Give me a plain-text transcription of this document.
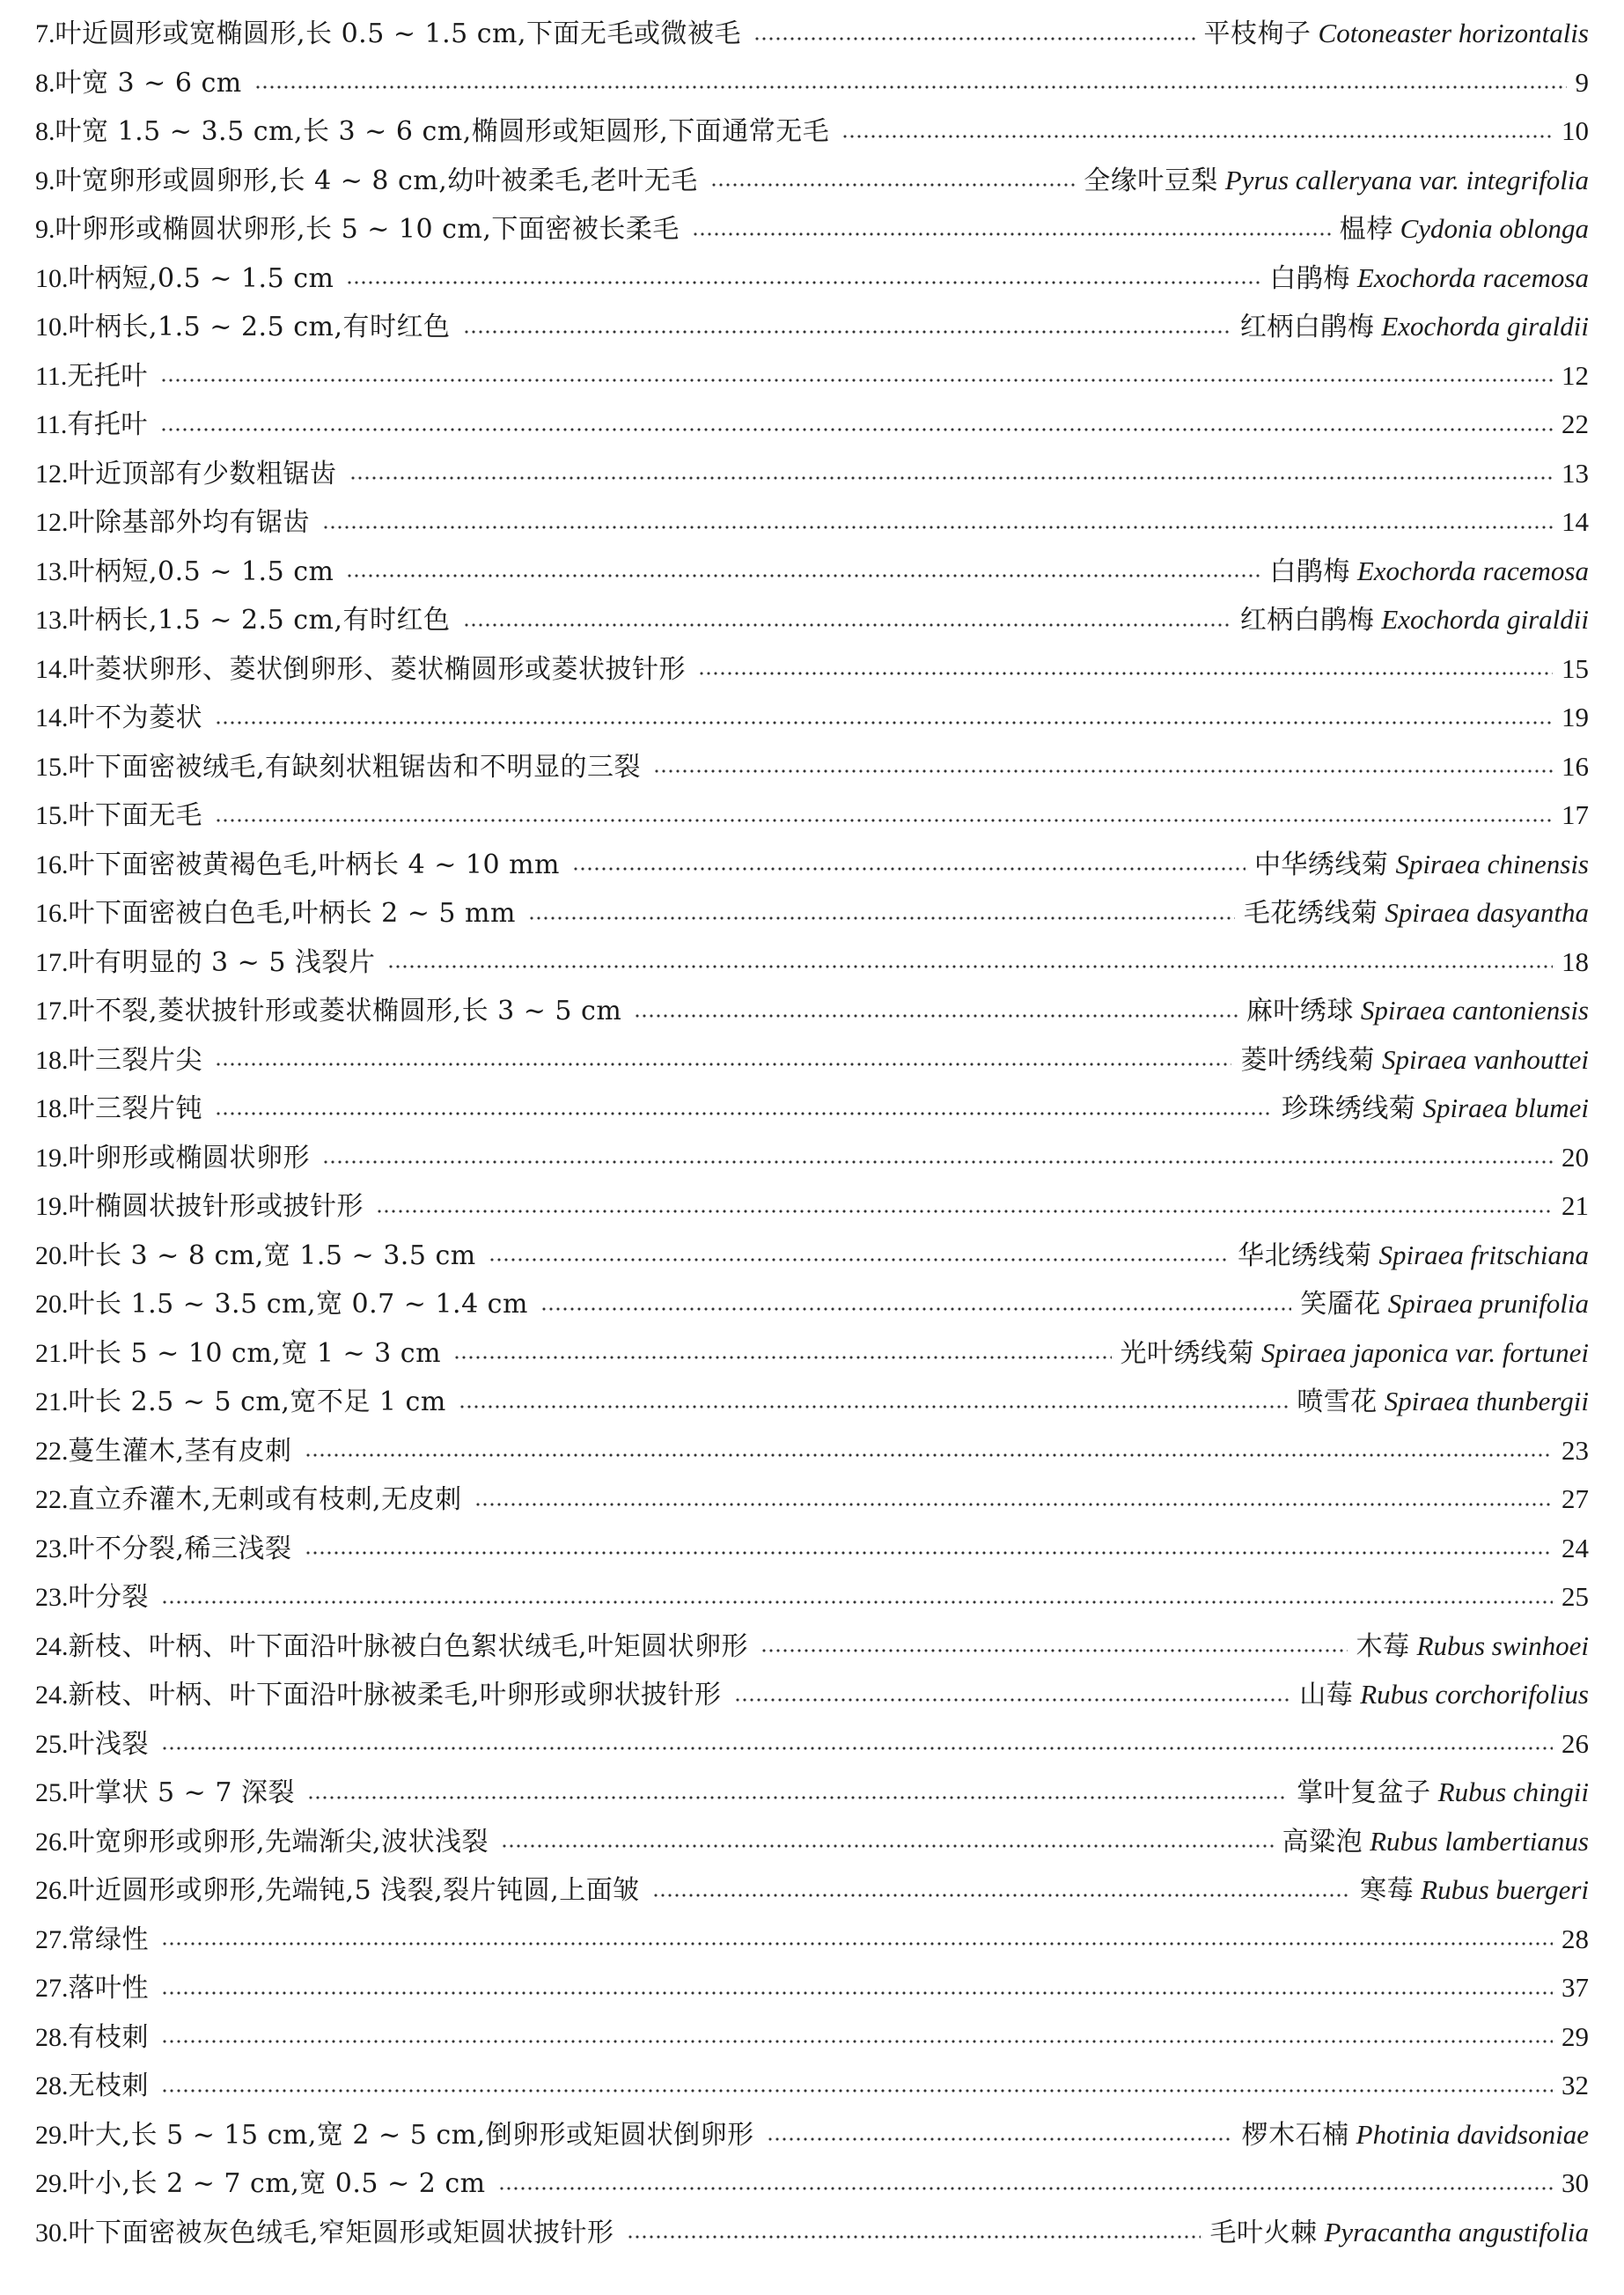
7. 叶近圆形或宽椭圆形,长 0.5 ~ 1.5 cm,下面无毛或微被毛	平枝栒子 Cotoneaster horizontalis
8. 叶宽 3 ~ 6 cm	9
8. 叶宽 1.5 ~ 3.5 cm,长 3 ~ 6 cm,椭圆形或矩圆形,下面通常无毛	10
9. 叶宽卵形或圆卵形,长 4 ~ 8 cm,幼叶被柔毛,老叶无毛	全缘叶豆梨 Pyrus calleryana var. integrifolia
9. 叶卵形或椭圆状卵形,长 5 ~ 10 cm,下面密被长柔毛	榅桲 Cydonia oblonga
10. 叶柄短,0.5 ~ 1.5 cm	白鹃梅 Exochorda racemosa
10. 叶柄长,1.5 ~ 2.5 cm,有时红色	红柄白鹃梅 Exochorda giraldii
11. 无托叶	12
11. 有托叶	22
12. 叶近顶部有少数粗锯齿	13
12. 叶除基部外均有锯齿	14
13. 叶柄短,0.5 ~ 1.5 cm	白鹃梅 Exochorda racemosa
13. 叶柄长,1.5 ~ 2.5 cm,有时红色	红柄白鹃梅 Exochorda giraldii
14. 叶菱状卵形、菱状倒卵形、菱状椭圆形或菱状披针形	15
14. 叶不为菱状	19
15. 叶下面密被绒毛,有缺刻状粗锯齿和不明显的三裂	16
15. 叶下面无毛	17
16. 叶下面密被黄褐色毛,叶柄长 4 ~ 10 mm	中华绣线菊 Spiraea chinensis
16. 叶下面密被白色毛,叶柄长 2 ~ 5 mm	毛花绣线菊 Spiraea dasyantha
17. 叶有明显的 3 ~ 5 浅裂片	18
17. 叶不裂,菱状披针形或菱状椭圆形,长 3 ~ 5 cm	麻叶绣球 Spiraea cantoniensis
18. 叶三裂片尖	菱叶绣线菊 Spiraea vanhouttei
18. 叶三裂片钝	珍珠绣线菊 Spiraea blumei
19. 叶卵形或椭圆状卵形	20
19. 叶椭圆状披针形或披针形	21
20. 叶长 3 ~ 8 cm,宽 1.5 ~ 3.5 cm	华北绣线菊 Spiraea fritschiana
20. 叶长 1.5 ~ 3.5 cm,宽 0.7 ~ 1.4 cm	笑靥花 Spiraea prunifolia
21. 叶长 5 ~ 10 cm,宽 1 ~ 3 cm	光叶绣线菊 Spiraea japonica var. fortunei
21. 叶长 2.5 ~ 5 cm,宽不足 1 cm	喷雪花 Spiraea thunbergii
22. 蔓生灌木,茎有皮刺	23
22. 直立乔灌木,无刺或有枝刺,无皮刺	27
23. 叶不分裂,稀三浅裂	24
23. 叶分裂	25
24. 新枝、叶柄、叶下面沿叶脉被白色絮状绒毛,叶矩圆状卵形	木莓 Rubus swinhoei
24. 新枝、叶柄、叶下面沿叶脉被柔毛,叶卵形或卵状披针形	山莓 Rubus corchorifolius
25. 叶浅裂	26
25. 叶掌状 5 ~ 7 深裂	掌叶复盆子 Rubus chingii
26. 叶宽卵形或卵形,先端渐尖,波状浅裂	高粱泡 Rubus lambertianus
26. 叶近圆形或卵形,先端钝,5 浅裂,裂片钝圆,上面皱	寒莓 Rubus buergeri
27. 常绿性	28
27. 落叶性	37
28. 有枝刺	29
28. 无枝刺	32
29. 叶大,长 5 ~ 15 cm,宽 2 ~ 5 cm,倒卵形或矩圆状倒卵形	椤木石楠 Photinia davidsoniae
29. 叶小,长 2 ~ 7 cm,宽 0.5 ~ 2 cm	30
30. 叶下面密被灰色绒毛,窄矩圆形或矩圆状披针形	毛叶火棘 Pyracantha angustifolia
